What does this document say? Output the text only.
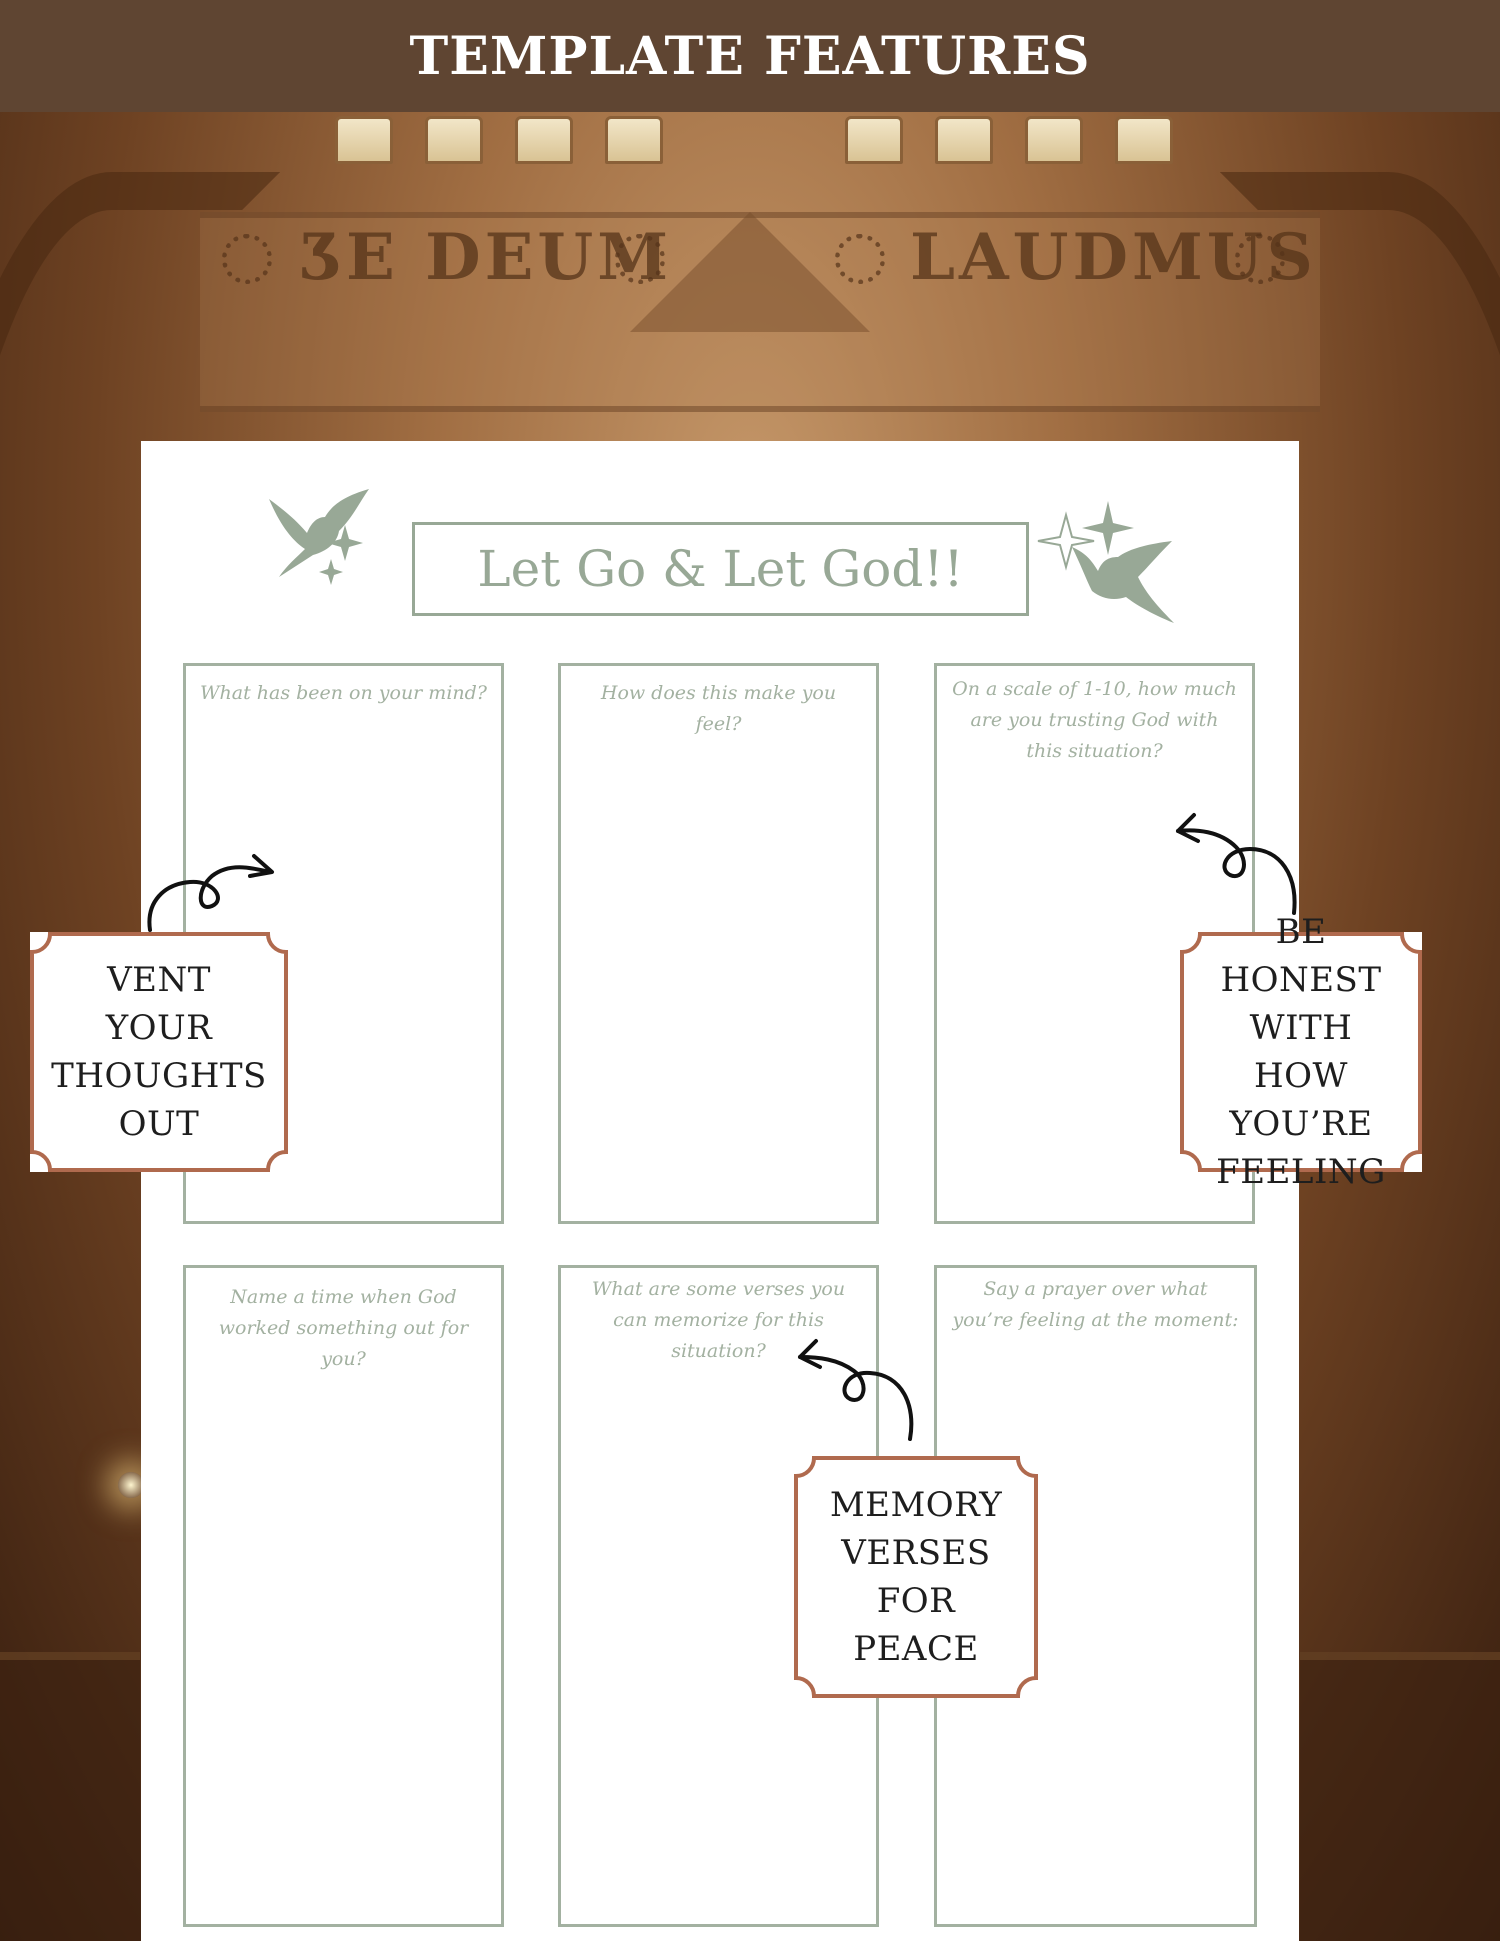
ƷE DEUM	LAUDMUS
TEMPLATE FEATURES
Let Go & Let God!!
What has been on your mind?	How does this make you feel?
On a scale of 1-10, how much are you trusting God with this situation?
Name a time when God worked something out for you?
What are some verses you can memorize for this situation?
Say a prayer over what you’re feeling at the moment:
VENT YOUR THOUGHTS OUT
BE HONEST WITH HOW YOU’RE FEELING
MEMORY VERSES FOR PEACE
